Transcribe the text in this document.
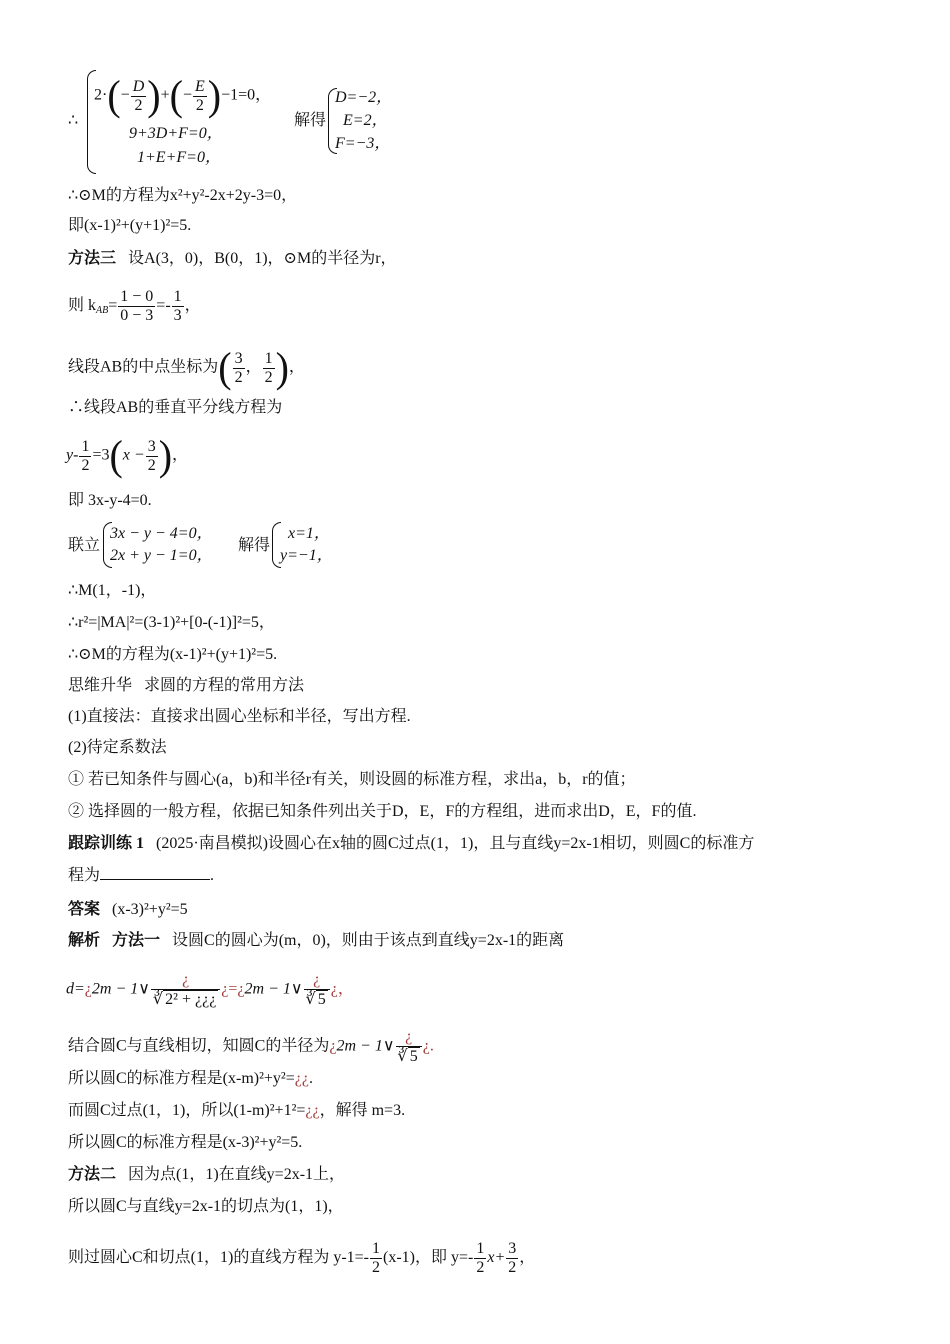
∴
$2\cdot(- \frac{D}{2}$ )+(− $\frac{E}{2} )-1=0$，
9+3D+F=0，
1+E+F=0，
解得
D=−2，
E=2，
F=−3，
∴⊙M的方程为x²+y²-2x+2y-3=0，
即(x-1)²+(y+1)²=5.
方法三 设A(3，0)，B(0，1)，⊙M的半径为r，
则 $k_{AB}= \frac{1 - 0}{0 - 3} =- \frac{1}{3}$ ，
线段AB的中点坐标为( $\frac{3}{2}$ ， $\frac{1}{2}$ )，
∴线段AB的垂直平分线方程为
$y- \frac{1}{2} =3(x - \frac{3}{2}$ )，
即 3x-y-4=0.
联立
3x − y − 4=0，
2x + y − 1=0，
解得
x=1，
y=−1，
∴M(1，-1)，
∴r²=|MA|²=(3-1)²+[0-(-1)]²=5，
∴⊙M的方程为(x-1)²+(y+1)²=5.
思维升华 求圆的方程的常用方法
(1)直接法：直接求出圆心坐标和半径，写出方程.
(2)待定系数法
① 若已知条件与圆心(a，b)和半径r有关，则设圆的标准方程，求出a，b，r的值；
② 选择圆的一般方程，依据已知条件列出关于D，E，F的方程组，进而求出D，E，F的值.
跟踪训练 1 (2025·南昌模拟)设圆心在x轴的圆C过点(1，1)，且与直线y=2x-1相切，则圆C的标准方
程为	.
答案 (x-3)²+y²=5
解析 方法一 设圆C的圆心为(m，0)，则由于该点到直线y=2x-1的距离
d=¿2m − 1∨ $\frac{¿}{\text{∛ 2² + ¿¿¿}}$ ¿=¿2m − 1∨ $\frac{¿}{∛ 5}$ ¿，
结合圆C与直线相切，知圆C的半径为¿2m − 1∨ $\frac{¿}{∛ 5}$ ¿.
所以圆C的标准方程是(x-m)²+y²=¿¿.
而圆C过点(1，1)，所以(1-m)²+1²=¿¿，解得 m=3.
所以圆C的标准方程是(x-3)²+y²=5.
方法二 因为点(1，1)在直线y=2x-1上，
所以圆C与直线y=2x-1的切点为(1，1)，
则过圆心C和切点(1，1)的直线方程为 $y-1=- \frac{1}{2} (x-1)$，即 $y=- \frac{1}{2} x+ \frac{3}{2}$ ，
